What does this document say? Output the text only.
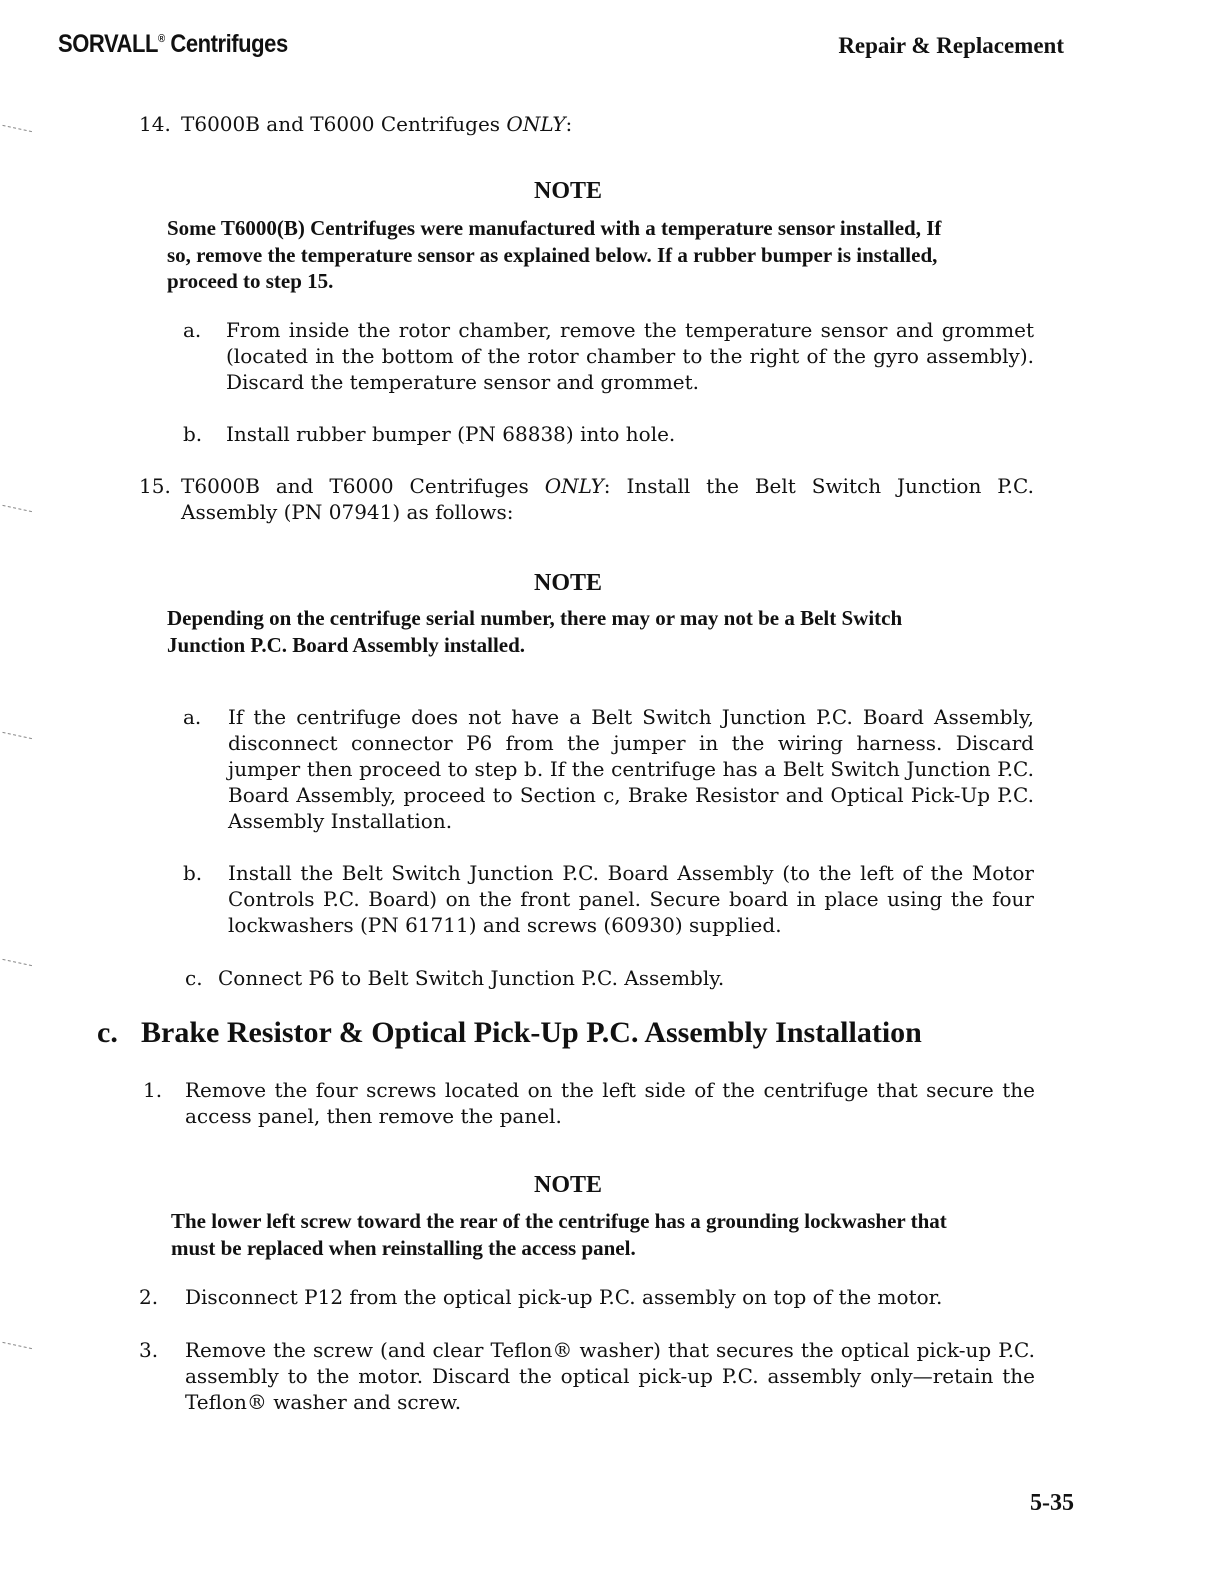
SORVALL® Centrifuges	Repair & Replacement
14. T6000B and T6000 Centrifuges ONLY:
NOTE
Some T6000(B) Centrifuges were manufactured with a temperature sensor installed, If so, remove the temperature sensor as explained below. If a rubber bumper is installed, proceed to step 15.
a. From inside the rotor chamber, remove the temperature sensor and grommet (located in the bottom of the rotor chamber to the right of the gyro assembly). Discard the temperature sensor and grommet.
b. Install rubber bumper (PN 68838) into hole.
15. T6000B and T6000 Centrifuges ONLY: Install the Belt Switch Junction P.C. Assembly (PN 07941) as follows:
NOTE
Depending on the centrifuge serial number, there may or may not be a Belt Switch Junction P.C. Board Assembly installed.
a. If the centrifuge does not have a Belt Switch Junction P.C. Board Assembly, disconnect connector P6 from the jumper in the wiring harness. Discard jumper then proceed to step b. If the centrifuge has a Belt Switch Junction P.C. Board Assembly, proceed to Section c, Brake Resistor and Optical Pick-Up P.C. Assembly Installation.
b. Install the Belt Switch Junction P.C. Board Assembly (to the left of the Motor Controls P.C. Board) on the front panel. Secure board in place using the four lockwashers (PN 61711) and screws (60930) supplied.
c. Connect P6 to Belt Switch Junction P.C. Assembly.
c. Brake Resistor & Optical Pick-Up P.C. Assembly Installation
1. Remove the four screws located on the left side of the centrifuge that secure the access panel, then remove the panel.
NOTE
The lower left screw toward the rear of the centrifuge has a grounding lockwasher that must be replaced when reinstalling the access panel.
2. Disconnect P12 from the optical pick-up P.C. assembly on top of the motor.
3. Remove the screw (and clear Teflon® washer) that secures the optical pick-up P.C. assembly to the motor. Discard the optical pick-up P.C. assembly only—retain the Teflon® washer and screw.
5-35
